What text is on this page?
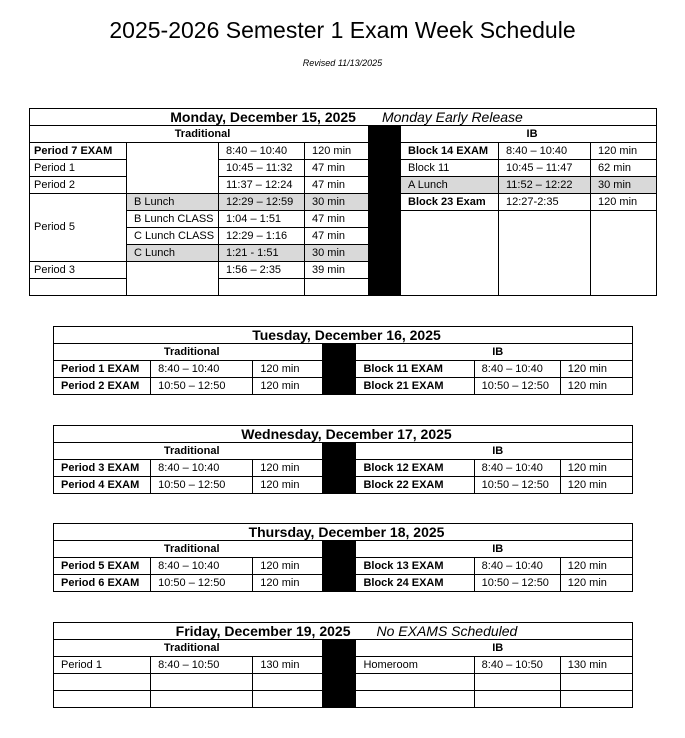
2025-2026 Semester 1 Exam Week Schedule
Revised 11/13/2025
Monday, December 15, 2025 Monday Early Release							
Traditional					IB		
Period 7 EXAM		8:40 – 10:40	120 min		Block 14 EXAM	8:40 – 10:40	120 min
Period 1		10:45 – 11:32	47 min		Block 11	10:45 – 11:47	62 min
Period 2		11:37 – 12:24	47 min		A Lunch	11:52 – 12:22	30 min
Period 5	B Lunch	12:29 – 12:59	30 min		Block 23 Exam	12:27-2:35	120 min
	B Lunch CLASS	1:04 – 1:51	47 min				
	C Lunch CLASS	12:29 – 1:16	47 min				
	C Lunch	1:21 - 1:51	30 min				
Period 3		1:56 – 2:35	39 min				

Tuesday, December 16, 2025						
Traditional				IB		
Period 1 EXAM	8:40 – 10:40	120 min		Block 11 EXAM	8:40 – 10:40	120 min
Period 2 EXAM	10:50 – 12:50	120 min		Block 21 EXAM	10:50 – 12:50	120 min
Wednesday, December 17, 2025						
Traditional				IB		
Period 3 EXAM	8:40 – 10:40	120 min		Block 12 EXAM	8:40 – 10:40	120 min
Period 4 EXAM	10:50 – 12:50	120 min		Block 22 EXAM	10:50 – 12:50	120 min
Thursday, December 18, 2025						
Traditional				IB		
Period 5 EXAM	8:40 – 10:40	120 min		Block 13 EXAM	8:40 – 10:40	120 min
Period 6 EXAM	10:50 – 12:50	120 min		Block 24 EXAM	10:50 – 12:50	120 min
Friday, December 19, 2025 No EXAMS Scheduled						
Traditional				IB		
Period 1	8:40 – 10:50	130 min		Homeroom	8:40 – 10:50	130 min
